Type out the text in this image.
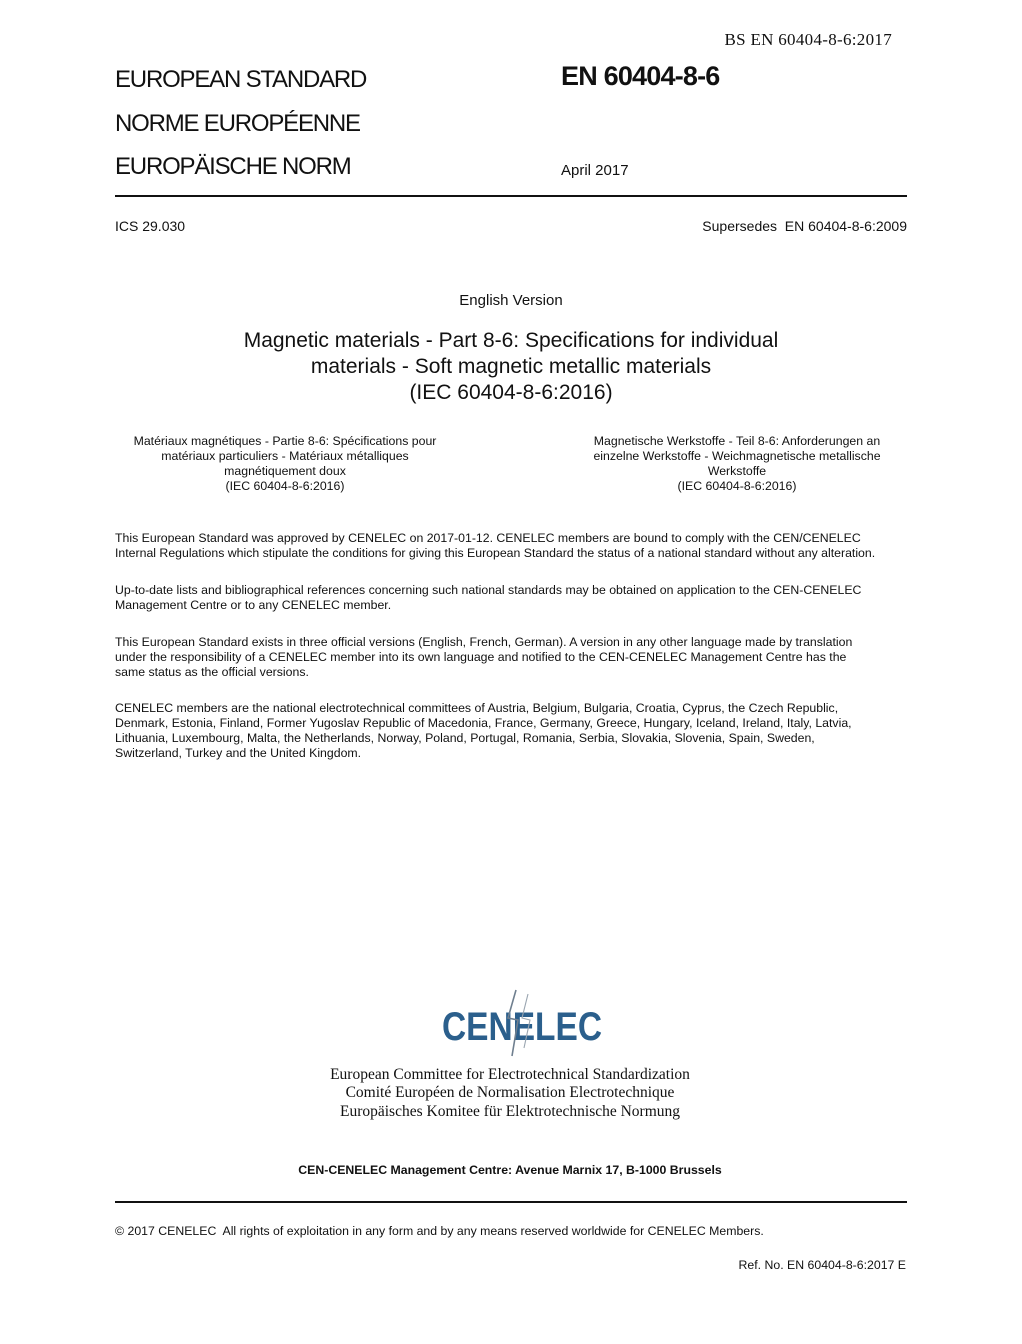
BS EN 60404-8-6:2017
EUROPEAN STANDARD
NORME EUROPÉENNE
EUROPÄISCHE NORM
EN 60404-8-6
April 2017
ICS 29.030	Supersedes  EN 60404-8-6:2009
English Version
Magnetic materials - Part 8-6: Specifications for individual
materials - Soft magnetic metallic materials
(IEC 60404-8-6:2016)
Matériaux magnétiques - Partie 8-6: Spécifications pour
matériaux particuliers - Matériaux métalliques
magnétiquement doux
(IEC 60404-8-6:2016)
Magnetische Werkstoffe - Teil 8-6: Anforderungen an
einzelne Werkstoffe - Weichmagnetische metallische
Werkstoffe
(IEC 60404-8-6:2016)
This European Standard was approved by CENELEC on 2017-01-12. CENELEC members are bound to comply with the CEN/CENELEC
Internal Regulations which stipulate the conditions for giving this European Standard the status of a national standard without any alteration.
Up-to-date lists and bibliographical references concerning such national standards may be obtained on application to the CEN-CENELEC
Management Centre or to any CENELEC member.
This European Standard exists in three official versions (English, French, German). A version in any other language made by translation
under the responsibility of a CENELEC member into its own language and notified to the CEN-CENELEC Management Centre has the
same status as the official versions.
CENELEC members are the national electrotechnical committees of Austria, Belgium, Bulgaria, Croatia, Cyprus, the Czech Republic,
Denmark, Estonia, Finland, Former Yugoslav Republic of Macedonia, France, Germany, Greece, Hungary, Iceland, Ireland, Italy, Latvia,
Lithuania, Luxembourg, Malta, the Netherlands, Norway, Poland, Portugal, Romania, Serbia, Slovakia, Slovenia, Spain, Sweden,
Switzerland, Turkey and the United Kingdom.
CENELEC
European Committee for Electrotechnical Standardization
Comité Européen de Normalisation Electrotechnique
Europäisches Komitee für Elektrotechnische Normung
CEN-CENELEC Management Centre: Avenue Marnix 17, B-1000 Brussels
© 2017 CENELEC  All rights of exploitation in any form and by any means reserved worldwide for CENELEC Members.
Ref. No. EN 60404-8-6:2017 E
